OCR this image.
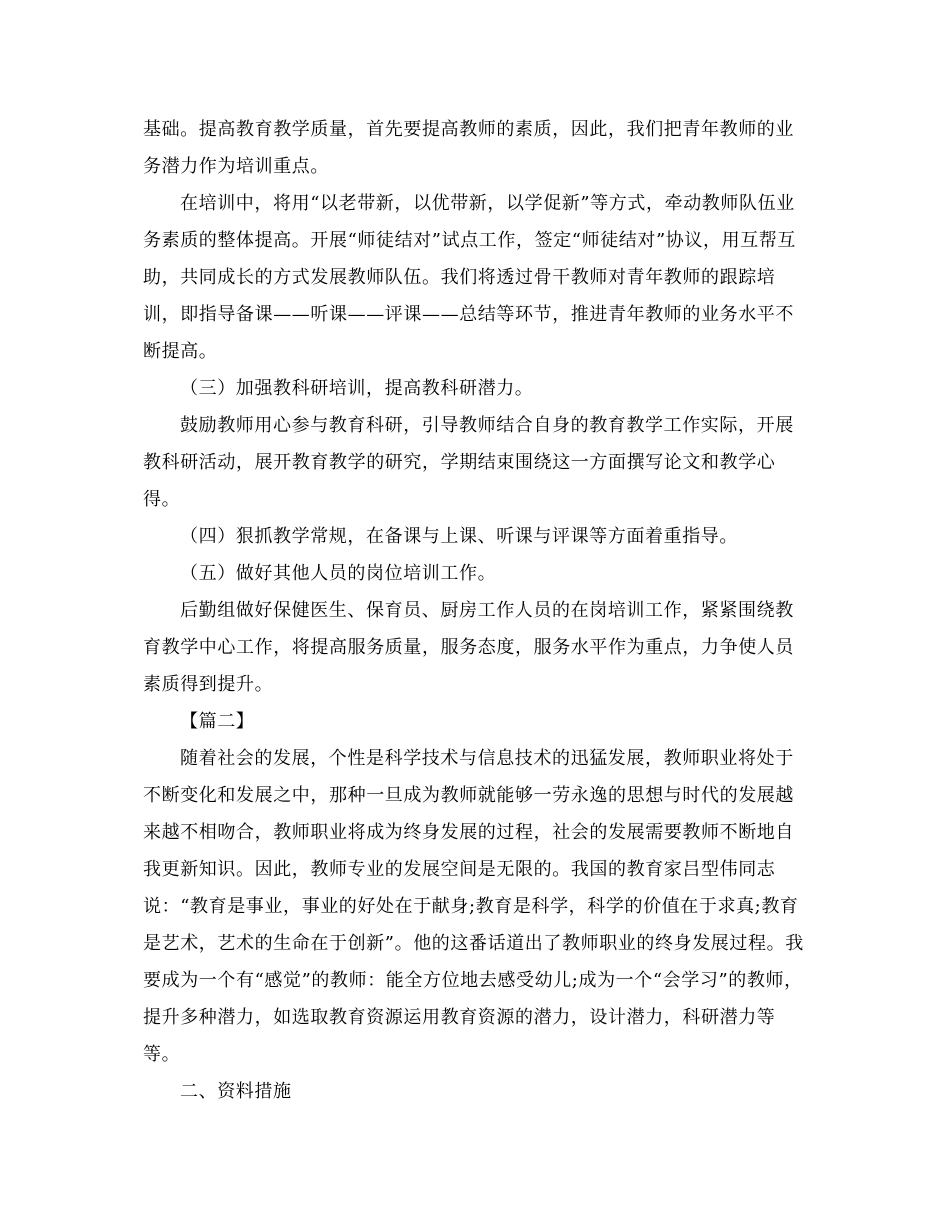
基础。提高教育教学质量，首先要提高教师的素质，因此，我们把青年教师的业务潜力作为培训重点。

在培训中，将用“以老带新，以优带新，以学促新”等方式，牵动教师队伍业务素质的整体提高。开展“师徒结对”试点工作，签定“师徒结对”协议，用互帮互助，共同成长的方式发展教师队伍。我们将透过骨干教师对青年教师的跟踪培训，即指导备课——听课——评课——总结等环节，推进青年教师的业务水平不断提高。

（三）加强教科研培训，提高教科研潜力。

鼓励教师用心参与教育科研，引导教师结合自身的教育教学工作实际，开展教科研活动，展开教育教学的研究，学期结束围绕这一方面撰写论文和教学心得。

（四）狠抓教学常规，在备课与上课、听课与评课等方面着重指导。

（五）做好其他人员的岗位培训工作。

后勤组做好保健医生、保育员、厨房工作人员的在岗培训工作，紧紧围绕教育教学中心工作，将提高服务质量，服务态度，服务水平作为重点，力争使人员素质得到提升。

【篇二】

随着社会的发展，个性是科学技术与信息技术的迅猛发展，教师职业将处于不断变化和发展之中，那种一旦成为教师就能够一劳永逸的思想与时代的发展越来越不相吻合，教师职业将成为终身发展的过程，社会的发展需要教师不断地自我更新知识。因此，教师专业的发展空间是无限的。我国的教育家吕型伟同志说：“教育是事业，事业的好处在于献身;教育是科学，科学的价值在于求真;教育是艺术，艺术的生命在于创新”。他的这番话道出了教师职业的终身发展过程。我要成为一个有“感觉”的教师：能全方位地去感受幼儿;成为一个“会学习”的教师，提升多种潜力，如选取教育资源运用教育资源的潜力，设计潜力，科研潜力等等。

二、资料措施
